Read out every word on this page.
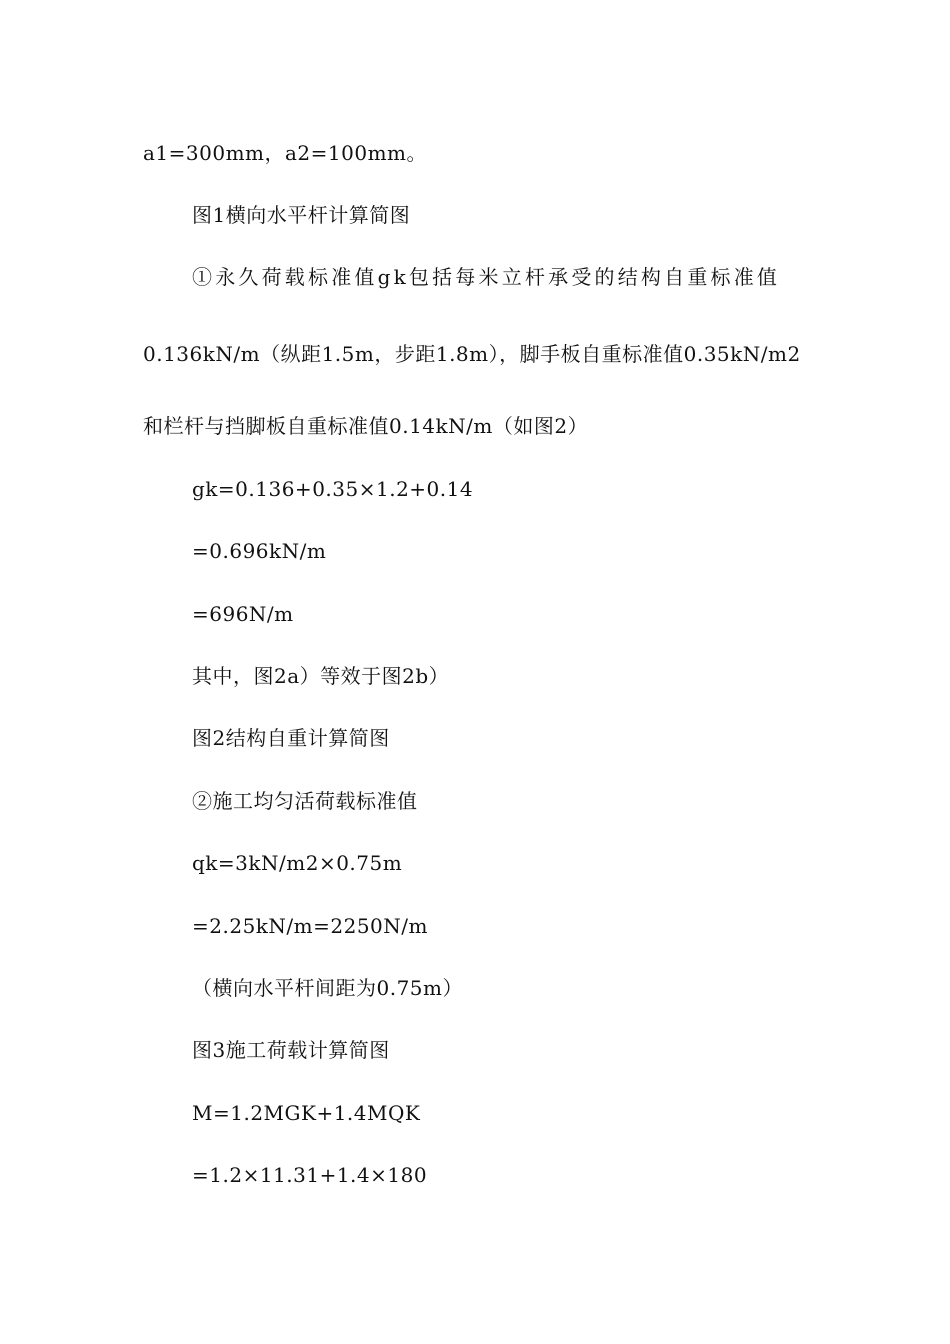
a1=300mm，a2=100mm。
图1横向水平杆计算简图
①永久荷载标准值gk包括每米立杆承受的结构自重标准值
0.136kN/m（纵距1.5m，步距1.8m），脚手板自重标准值0.35kN/m2
和栏杆与挡脚板自重标准值0.14kN/m（如图2）
gk=0.136+0.35×1.2+0.14
=0.696kN/m
=696N/m
其中，图2a）等效于图2b）
图2结构自重计算简图
②施工均匀活荷载标准值
qk=3kN/m2×0.75m
=2.25kN/m=2250N/m
（横向水平杆间距为0.75m）
图3施工荷载计算简图
M=1.2MGK+1.4MQK
=1.2×11.31+1.4×180
